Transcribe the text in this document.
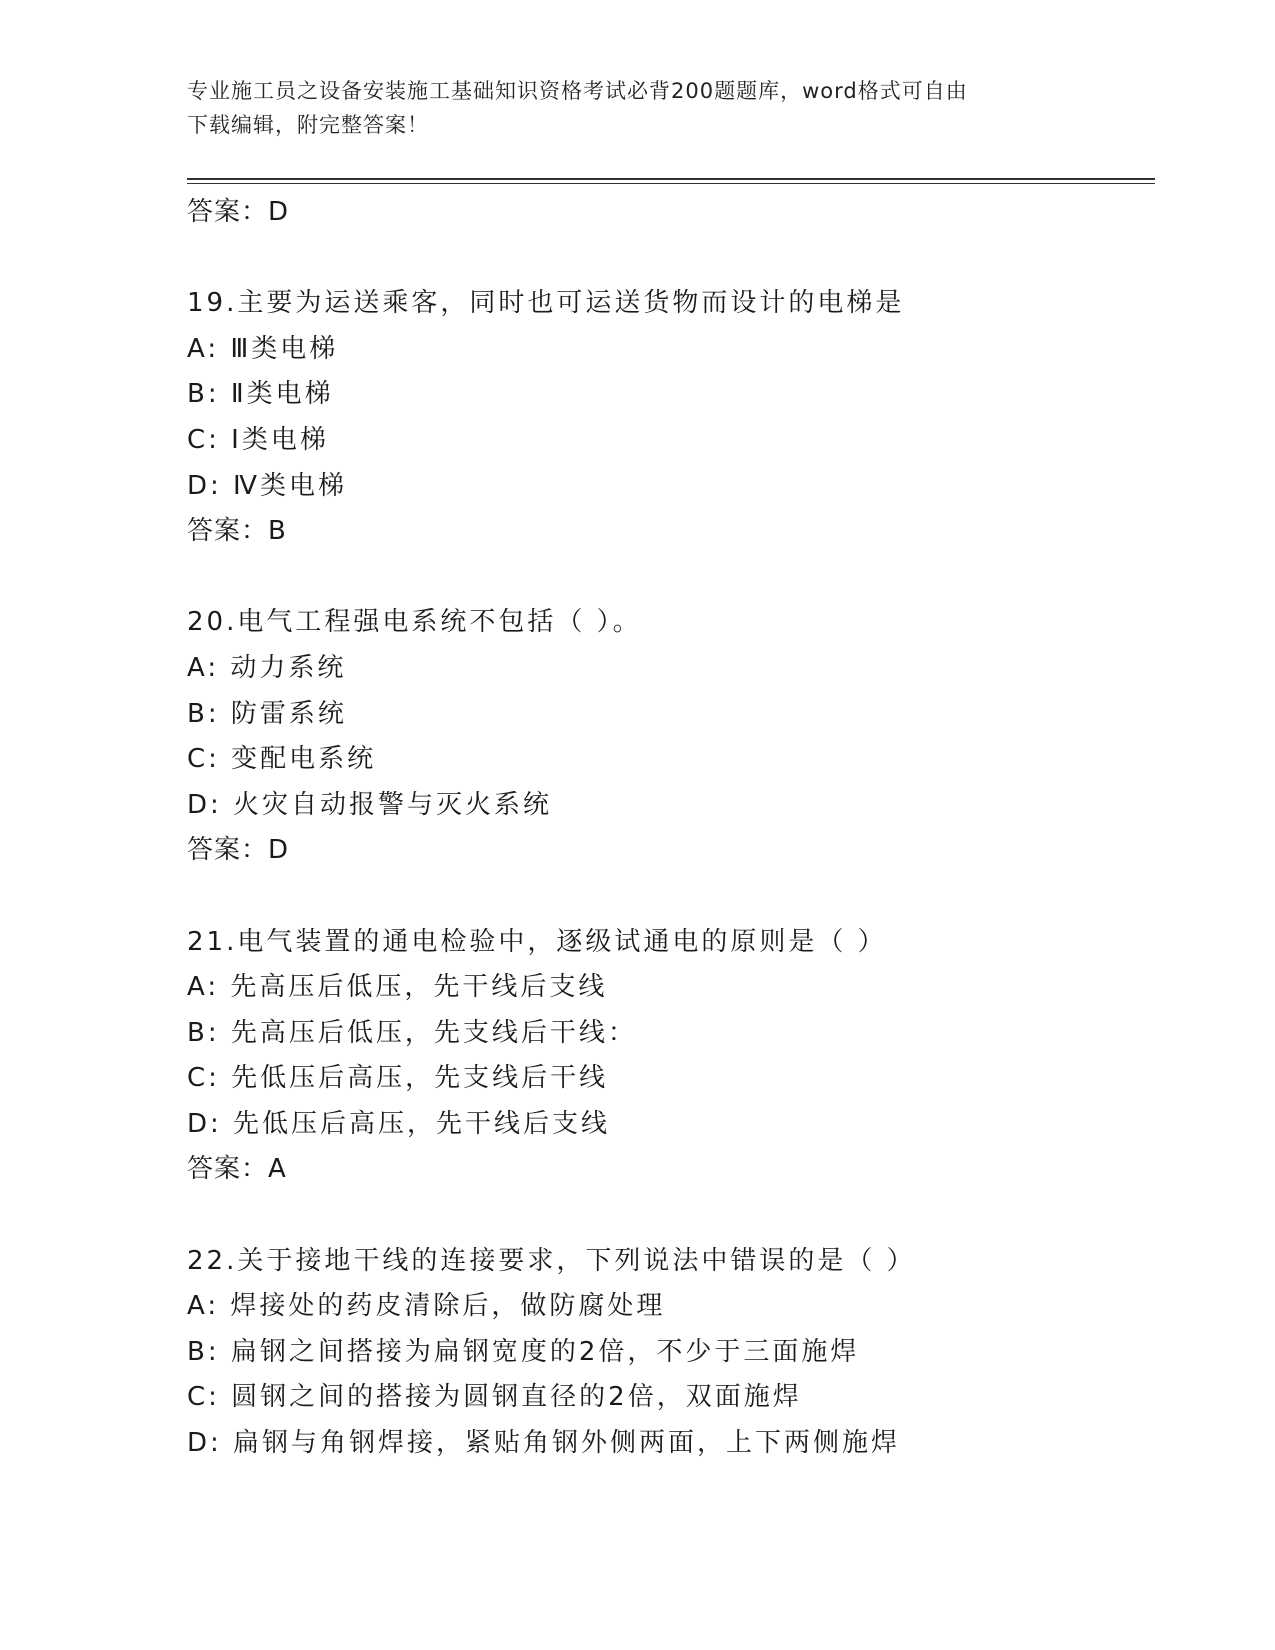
专业施工员之设备安装施工基础知识资格考试必背200题题库，word格式可自由
下载编辑，附完整答案！
答案：D
19.主要为运送乘客，同时也可运送货物而设计的电梯是
A: Ⅲ类电梯
B: Ⅱ类电梯
C: Ⅰ类电梯
D: Ⅳ类电梯
答案：B
20.电气工程强电系统不包括（ ）。
A: 动力系统
B: 防雷系统
C: 变配电系统
D: 火灾自动报警与灭火系统
答案：D
21.电气装置的通电检验中，逐级试通电的原则是（ ）
A: 先高压后低压，先干线后支线
B: 先高压后低压，先支线后干线：
C: 先低压后高压，先支线后干线
D: 先低压后高压，先干线后支线
答案：A
22.关于接地干线的连接要求，下列说法中错误的是（ ）
A: 焊接处的药皮清除后，做防腐处理
B: 扁钢之间搭接为扁钢宽度的2倍，不少于三面施焊
C: 圆钢之间的搭接为圆钢直径的2倍，双面施焊
D: 扁钢与角钢焊接，紧贴角钢外侧两面，上下两侧施焊
